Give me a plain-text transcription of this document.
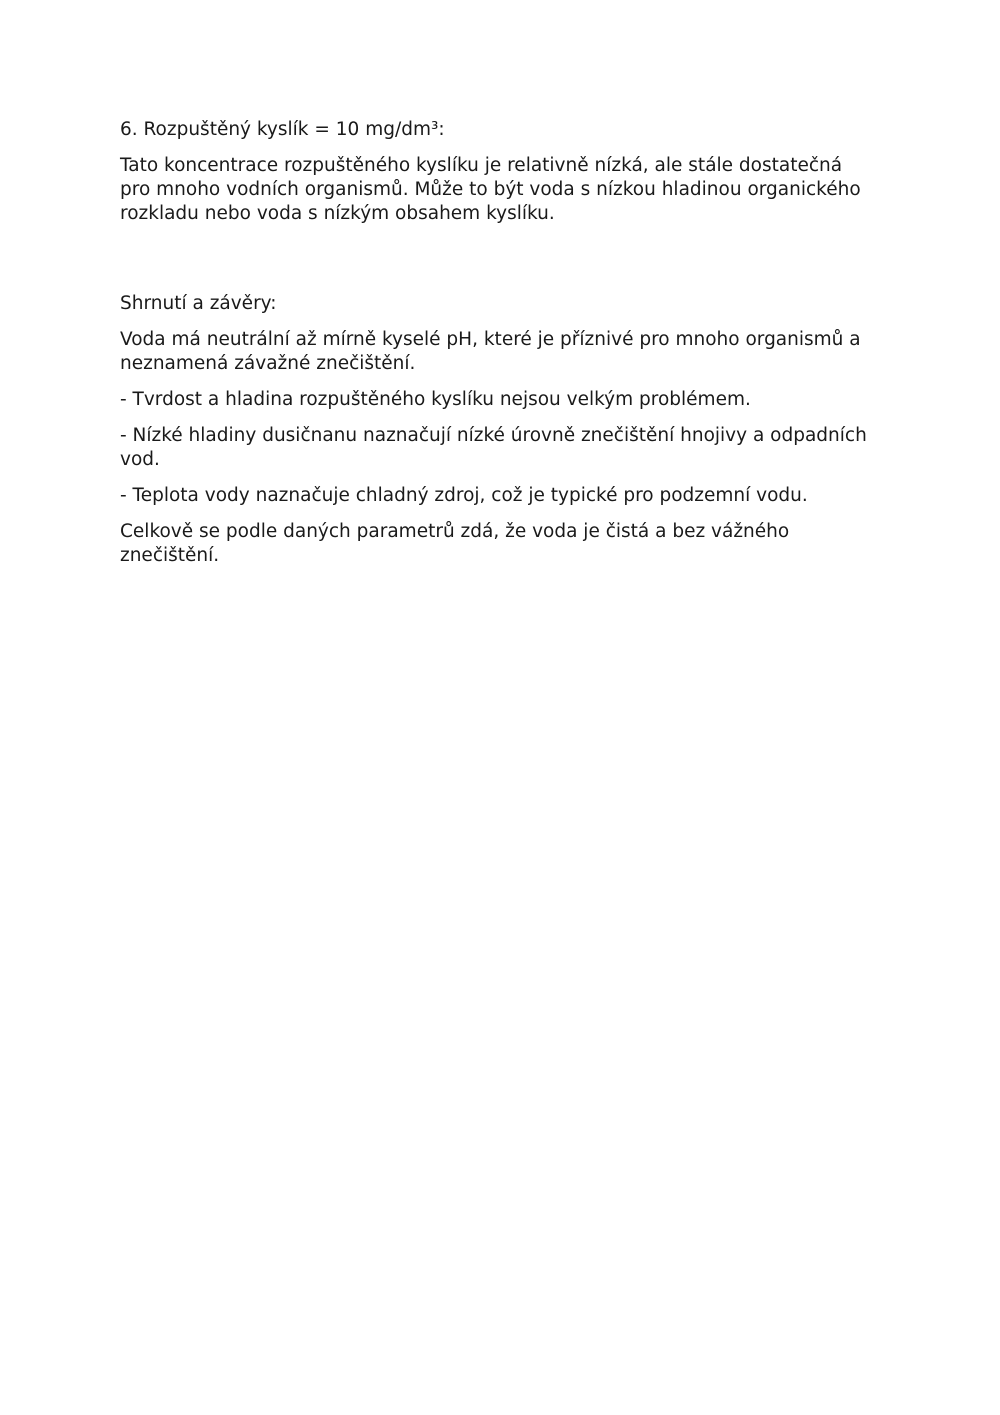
6. Rozpuštěný kyslík = 10 mg/dm³:

Tato koncentrace rozpuštěného kyslíku je relativně nízká, ale stále dostatečná
pro mnoho vodních organismů. Může to být voda s nízkou hladinou organického
rozkladu nebo voda s nízkým obsahem kyslíku.

Shrnutí a závěry:

Voda má neutrální až mírně kyselé pH, které je příznivé pro mnoho organismů a
neznamená závažné znečištění.

- Tvrdost a hladina rozpuštěného kyslíku nejsou velkým problémem.

- Nízké hladiny dusičnanu naznačují nízké úrovně znečištění hnojivy a odpadních
vod.

- Teplota vody naznačuje chladný zdroj, což je typické pro podzemní vodu.

Celkově se podle daných parametrů zdá, že voda je čistá a bez vážného
znečištění.
